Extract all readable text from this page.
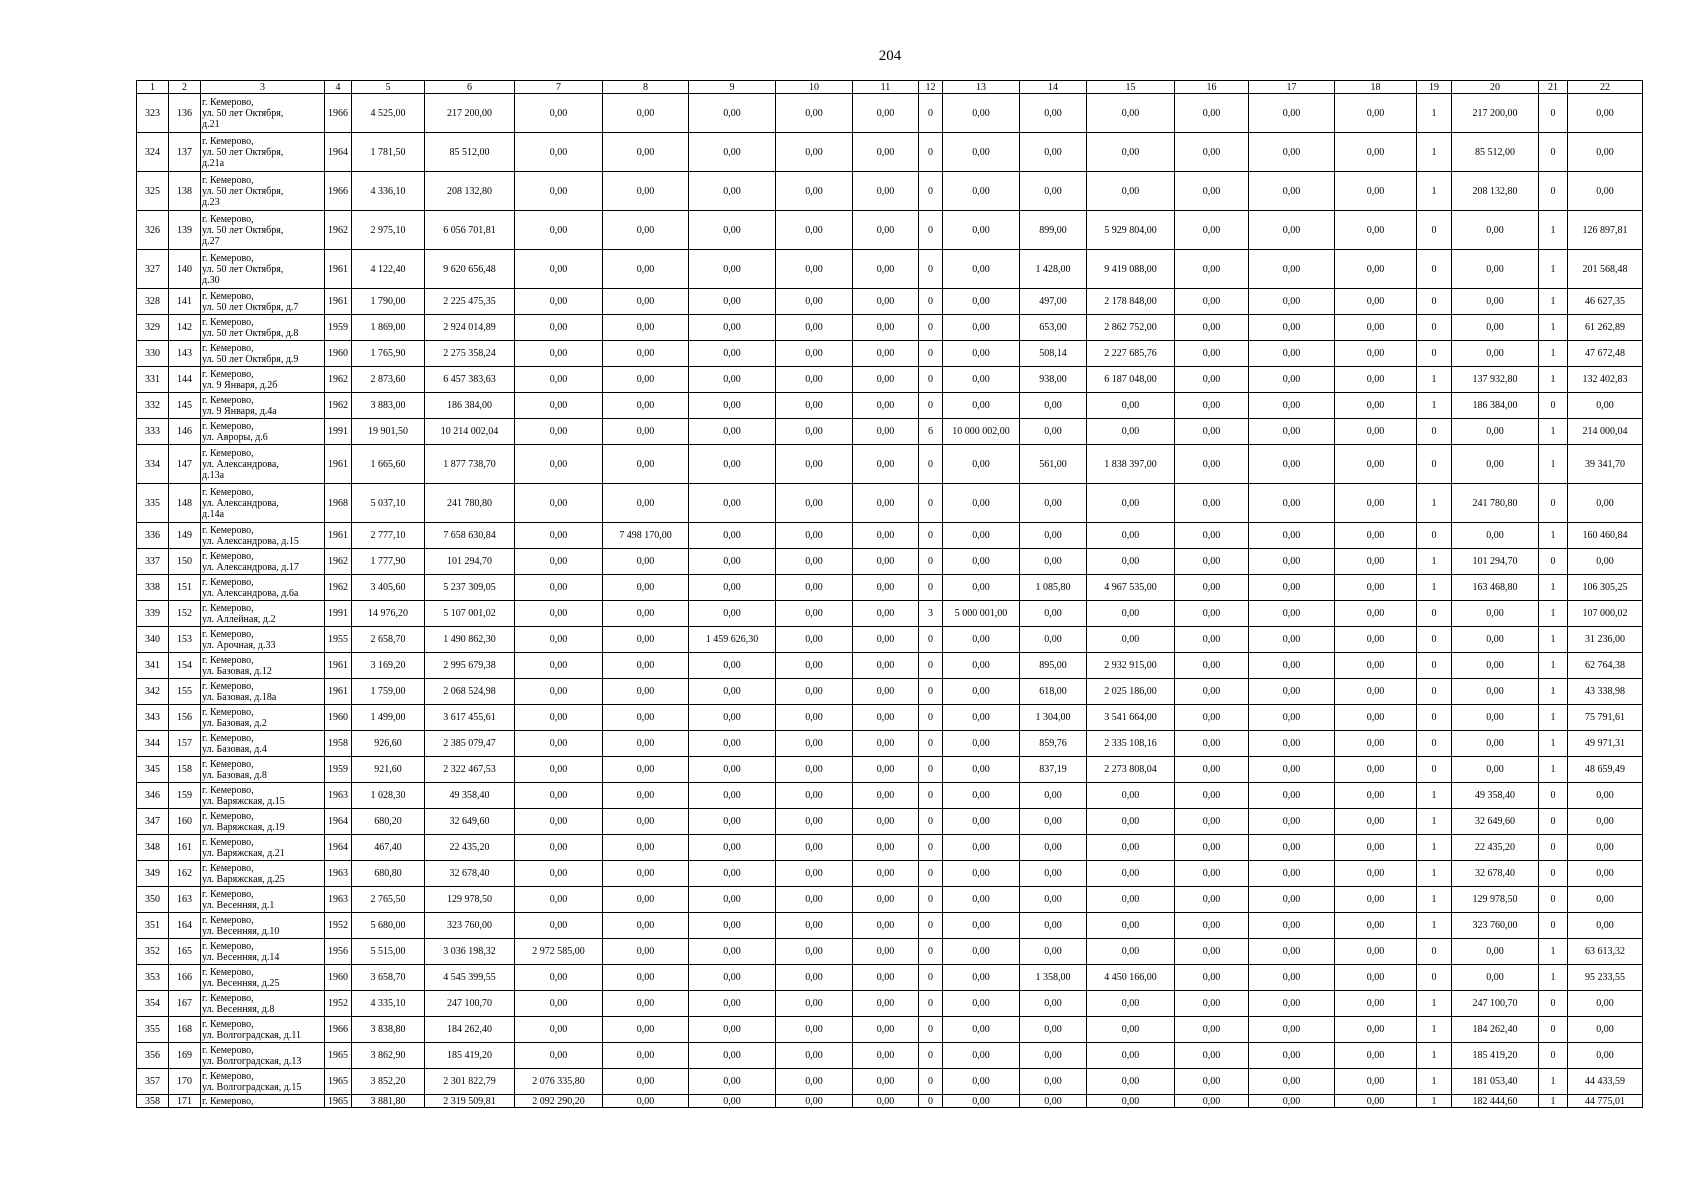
204
1	2	3	4	5	6	7	8	9	10	11	12	13	14	15	16	17	18	19	20	21	22
323	136	г. Кемерово,
ул. 50 лет Октября,
д.21	1966	4 525,00	217 200,00	0,00	0,00	0,00	0,00	0,00	0	0,00	0,00	0,00	0,00	0,00	0,00	1	217 200,00	0	0,00
324	137	г. Кемерово,
ул. 50 лет Октября,
д.21а	1964	1 781,50	85 512,00	0,00	0,00	0,00	0,00	0,00	0	0,00	0,00	0,00	0,00	0,00	0,00	1	85 512,00	0	0,00
325	138	г. Кемерово,
ул. 50 лет Октября,
д.23	1966	4 336,10	208 132,80	0,00	0,00	0,00	0,00	0,00	0	0,00	0,00	0,00	0,00	0,00	0,00	1	208 132,80	0	0,00
326	139	г. Кемерово,
ул. 50 лет Октября,
д.27	1962	2 975,10	6 056 701,81	0,00	0,00	0,00	0,00	0,00	0	0,00	899,00	5 929 804,00	0,00	0,00	0,00	0	0,00	1	126 897,81
327	140	г. Кемерово,
ул. 50 лет Октября,
д.30	1961	4 122,40	9 620 656,48	0,00	0,00	0,00	0,00	0,00	0	0,00	1 428,00	9 419 088,00	0,00	0,00	0,00	0	0,00	1	201 568,48
328	141	г. Кемерово,
ул. 50 лет Октября, д.7	1961	1 790,00	2 225 475,35	0,00	0,00	0,00	0,00	0,00	0	0,00	497,00	2 178 848,00	0,00	0,00	0,00	0	0,00	1	46 627,35
329	142	г. Кемерово,
ул. 50 лет Октября, д.8	1959	1 869,00	2 924 014,89	0,00	0,00	0,00	0,00	0,00	0	0,00	653,00	2 862 752,00	0,00	0,00	0,00	0	0,00	1	61 262,89
330	143	г. Кемерово,
ул. 50 лет Октября, д.9	1960	1 765,90	2 275 358,24	0,00	0,00	0,00	0,00	0,00	0	0,00	508,14	2 227 685,76	0,00	0,00	0,00	0	0,00	1	47 672,48
331	144	г. Кемерово,
ул. 9 Января, д.2б	1962	2 873,60	6 457 383,63	0,00	0,00	0,00	0,00	0,00	0	0,00	938,00	6 187 048,00	0,00	0,00	0,00	1	137 932,80	1	132 402,83
332	145	г. Кемерово,
ул. 9 Января, д.4а	1962	3 883,00	186 384,00	0,00	0,00	0,00	0,00	0,00	0	0,00	0,00	0,00	0,00	0,00	0,00	1	186 384,00	0	0,00
333	146	г. Кемерово,
ул. Авроры, д.6	1991	19 901,50	10 214 002,04	0,00	0,00	0,00	0,00	0,00	6	10 000 002,00	0,00	0,00	0,00	0,00	0,00	0	0,00	1	214 000,04
334	147	г. Кемерово,
ул. Александрова,
д.13а	1961	1 665,60	1 877 738,70	0,00	0,00	0,00	0,00	0,00	0	0,00	561,00	1 838 397,00	0,00	0,00	0,00	0	0,00	1	39 341,70
335	148	г. Кемерово,
ул. Александрова,
д.14а	1968	5 037,10	241 780,80	0,00	0,00	0,00	0,00	0,00	0	0,00	0,00	0,00	0,00	0,00	0,00	1	241 780,80	0	0,00
336	149	г. Кемерово,
ул. Александрова, д.15	1961	2 777,10	7 658 630,84	0,00	7 498 170,00	0,00	0,00	0,00	0	0,00	0,00	0,00	0,00	0,00	0,00	0	0,00	1	160 460,84
337	150	г. Кемерово,
ул. Александрова, д.17	1962	1 777,90	101 294,70	0,00	0,00	0,00	0,00	0,00	0	0,00	0,00	0,00	0,00	0,00	0,00	1	101 294,70	0	0,00
338	151	г. Кемерово,
ул. Александрова, д.6а	1962	3 405,60	5 237 309,05	0,00	0,00	0,00	0,00	0,00	0	0,00	1 085,80	4 967 535,00	0,00	0,00	0,00	1	163 468,80	1	106 305,25
339	152	г. Кемерово,
ул. Аллейная, д.2	1991	14 976,20	5 107 001,02	0,00	0,00	0,00	0,00	0,00	3	5 000 001,00	0,00	0,00	0,00	0,00	0,00	0	0,00	1	107 000,02
340	153	г. Кемерово,
ул. Арочная, д.33	1955	2 658,70	1 490 862,30	0,00	0,00	1 459 626,30	0,00	0,00	0	0,00	0,00	0,00	0,00	0,00	0,00	0	0,00	1	31 236,00
341	154	г. Кемерово,
ул. Базовая, д.12	1961	3 169,20	2 995 679,38	0,00	0,00	0,00	0,00	0,00	0	0,00	895,00	2 932 915,00	0,00	0,00	0,00	0	0,00	1	62 764,38
342	155	г. Кемерово,
ул. Базовая, д.18а	1961	1 759,00	2 068 524,98	0,00	0,00	0,00	0,00	0,00	0	0,00	618,00	2 025 186,00	0,00	0,00	0,00	0	0,00	1	43 338,98
343	156	г. Кемерово,
ул. Базовая, д.2	1960	1 499,00	3 617 455,61	0,00	0,00	0,00	0,00	0,00	0	0,00	1 304,00	3 541 664,00	0,00	0,00	0,00	0	0,00	1	75 791,61
344	157	г. Кемерово,
ул. Базовая, д.4	1958	926,60	2 385 079,47	0,00	0,00	0,00	0,00	0,00	0	0,00	859,76	2 335 108,16	0,00	0,00	0,00	0	0,00	1	49 971,31
345	158	г. Кемерово,
ул. Базовая, д.8	1959	921,60	2 322 467,53	0,00	0,00	0,00	0,00	0,00	0	0,00	837,19	2 273 808,04	0,00	0,00	0,00	0	0,00	1	48 659,49
346	159	г. Кемерово,
ул. Варяжская, д.15	1963	1 028,30	49 358,40	0,00	0,00	0,00	0,00	0,00	0	0,00	0,00	0,00	0,00	0,00	0,00	1	49 358,40	0	0,00
347	160	г. Кемерово,
ул. Варяжская, д.19	1964	680,20	32 649,60	0,00	0,00	0,00	0,00	0,00	0	0,00	0,00	0,00	0,00	0,00	0,00	1	32 649,60	0	0,00
348	161	г. Кемерово,
ул. Варяжская, д.21	1964	467,40	22 435,20	0,00	0,00	0,00	0,00	0,00	0	0,00	0,00	0,00	0,00	0,00	0,00	1	22 435,20	0	0,00
349	162	г. Кемерово,
ул. Варяжская, д.25	1963	680,80	32 678,40	0,00	0,00	0,00	0,00	0,00	0	0,00	0,00	0,00	0,00	0,00	0,00	1	32 678,40	0	0,00
350	163	г. Кемерово,
ул. Весенняя, д.1	1963	2 765,50	129 978,50	0,00	0,00	0,00	0,00	0,00	0	0,00	0,00	0,00	0,00	0,00	0,00	1	129 978,50	0	0,00
351	164	г. Кемерово,
ул. Весенняя, д.10	1952	5 680,00	323 760,00	0,00	0,00	0,00	0,00	0,00	0	0,00	0,00	0,00	0,00	0,00	0,00	1	323 760,00	0	0,00
352	165	г. Кемерово,
ул. Весенняя, д.14	1956	5 515,00	3 036 198,32	2 972 585,00	0,00	0,00	0,00	0,00	0	0,00	0,00	0,00	0,00	0,00	0,00	0	0,00	1	63 613,32
353	166	г. Кемерово,
ул. Весенняя, д.25	1960	3 658,70	4 545 399,55	0,00	0,00	0,00	0,00	0,00	0	0,00	1 358,00	4 450 166,00	0,00	0,00	0,00	0	0,00	1	95 233,55
354	167	г. Кемерово,
ул. Весенняя, д.8	1952	4 335,10	247 100,70	0,00	0,00	0,00	0,00	0,00	0	0,00	0,00	0,00	0,00	0,00	0,00	1	247 100,70	0	0,00
355	168	г. Кемерово,
ул. Волгоградская, д.11	1966	3 838,80	184 262,40	0,00	0,00	0,00	0,00	0,00	0	0,00	0,00	0,00	0,00	0,00	0,00	1	184 262,40	0	0,00
356	169	г. Кемерово,
ул. Волгоградская, д.13	1965	3 862,90	185 419,20	0,00	0,00	0,00	0,00	0,00	0	0,00	0,00	0,00	0,00	0,00	0,00	1	185 419,20	0	0,00
357	170	г. Кемерово,
ул. Волгоградская, д.15	1965	3 852,20	2 301 822,79	2 076 335,80	0,00	0,00	0,00	0,00	0	0,00	0,00	0,00	0,00	0,00	0,00	1	181 053,40	1	44 433,59
358	171	г. Кемерово,	1965	3 881,80	2 319 509,81	2 092 290,20	0,00	0,00	0,00	0,00	0	0,00	0,00	0,00	0,00	0,00	0,00	1	182 444,60	1	44 775,01
